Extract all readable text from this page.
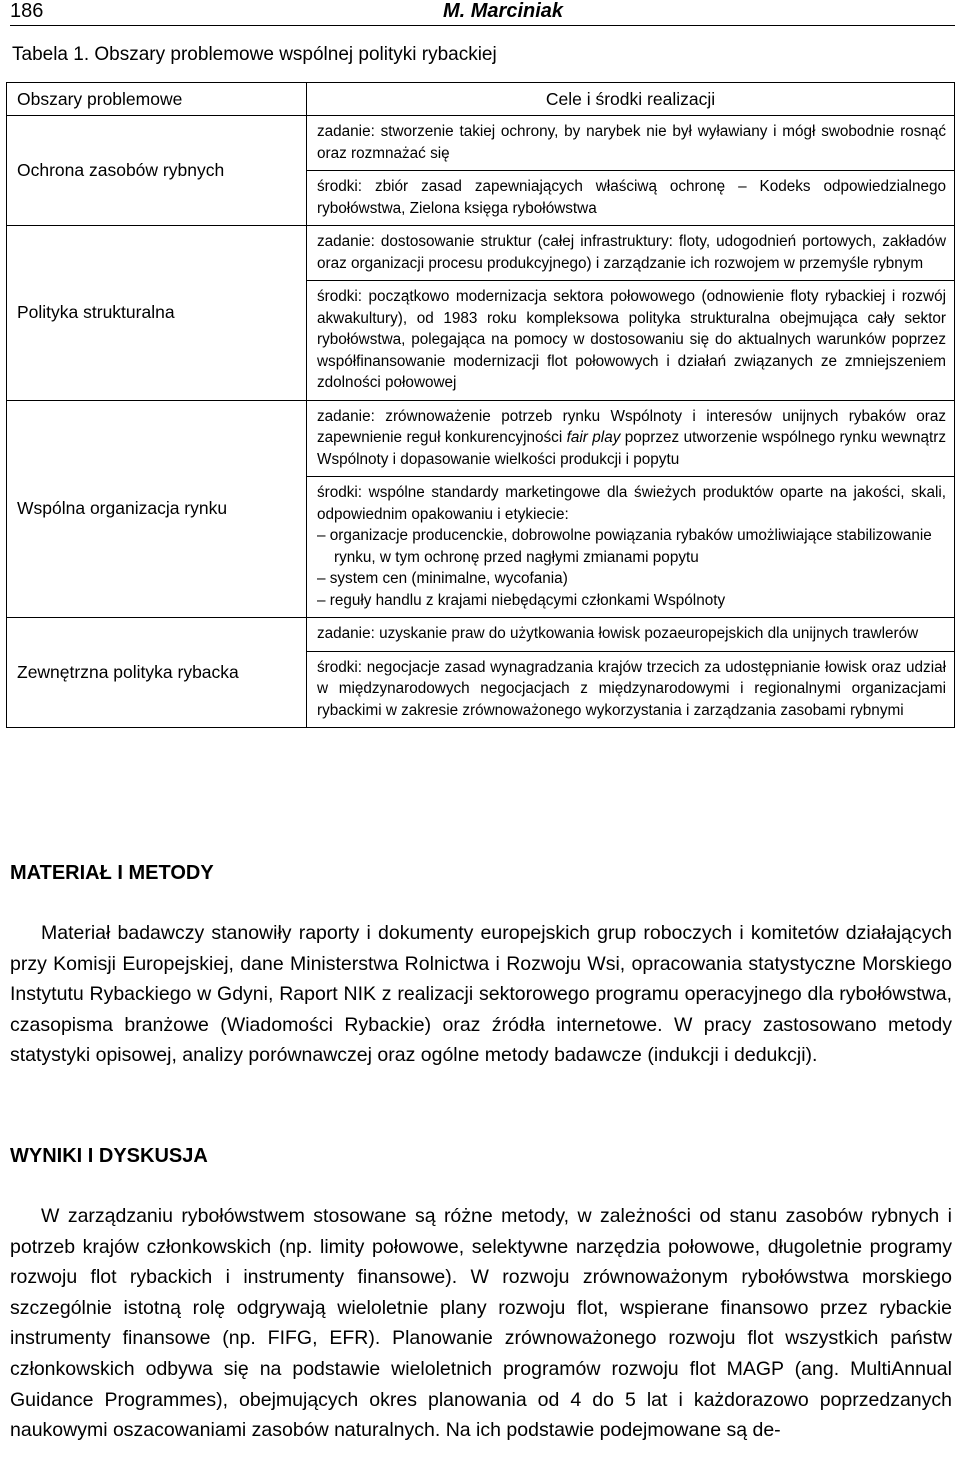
186	M. Marciniak
Tabela 1. Obszary problemowe wspólnej polityki rybackiej
Obszary problemowe	Cele i środki realizacji
Ochrona zasobów rybnych	zadanie: stworzenie takiej ochrony, by narybek nie był wyławiany i mógł swobodnie rosnąć oraz rozmnażać się
środki: zbiór zasad zapewniających właściwą ochronę – Kodeks odpowiedzialnego rybołówstwa, Zielona księga rybołówstwa

Polityka strukturalna	zadanie: dostosowanie struktur (całej infrastruktury: floty, udogodnień portowych, zakładów oraz organizacji procesu produkcyjnego) i zarządzanie ich rozwojem w przemyśle rybnym
środki: początkowo modernizacja sektora połowowego (odnowienie floty rybackiej i rozwój akwakultury), od 1983 roku kompleksowa polityka strukturalna obejmująca cały sektor rybołówstwa, polegająca na pomocy w dostosowaniu się do aktualnych warunków poprzez współfinansowanie modernizacji flot połowowych i działań związanych ze zmniejszeniem zdolności połowowej

Wspólna organizacja rynku	zadanie: zrównoważenie potrzeb rynku Wspólnoty i interesów unijnych rybaków oraz zapewnienie reguł konkurencyjności fair play poprzez utworzenie wspólnego rynku wewnątrz Wspólnoty i dopasowanie wielkości produkcji i popytu
środki: wspólne standardy marketingowe dla świeżych produktów oparte na jakości, skali, odpowiednim opakowaniu i etykiecie:
– organizacje producenckie, dobrowolne powiązania rybaków umożliwiające stabilizowanie rynku, w tym ochronę przed nagłymi zmianami popytu
– system cen (minimalne, wycofania)
– reguły handlu z krajami niebędącymi członkami Wspólnoty

Zewnętrzna polityka rybacka	zadanie: uzyskanie praw do użytkowania łowisk pozaeuropejskich dla unijnych trawlerów
środki: negocjacje zasad wynagradzania krajów trzecich za udostępnianie łowisk oraz udział w międzynarodowych negocjacjach z międzynarodowymi i regionalnymi organizacjami rybackimi w zakresie zrównoważonego wykorzystania i zarządzania zasobami rybnymi
MATERIAŁ I METODY

Materiał badawczy stanowiły raporty i dokumenty europejskich grup roboczych i komitetów działających przy Komisji Europejskiej, dane Ministerstwa Rolnictwa i Rozwoju Wsi, opracowania statystyczne Morskiego Instytutu Rybackiego w Gdyni, Raport NIK z realizacji sektorowego programu operacyjnego dla rybołówstwa, czasopisma branżowe (Wiadomości Rybackie) oraz źródła internetowe. W pracy zastosowano metody statystyki opisowej, analizy porównawczej oraz ogólne metody badawcze (indukcji i dedukcji).

WYNIKI I DYSKUSJA

W zarządzaniu rybołówstwem stosowane są różne metody, w zależności od stanu zasobów rybnych i potrzeb krajów członkowskich (np. limity połowowe, selektywne narzędzia połowowe, długoletnie programy rozwoju flot rybackich i instrumenty finansowe). W rozwoju zrównoważonym rybołówstwa morskiego szczególnie istotną rolę odgrywają wieloletnie plany rozwoju flot, wspierane finansowo przez rybackie instrumenty finansowe (np. FIFG, EFR). Planowanie zrównoważonego rozwoju flot wszystkich państw członkowskich odbywa się na podstawie wieloletnich programów rozwoju flot MAGP (ang. MultiAnnual Guidance Programmes), obejmujących okres planowania od 4 do 5 lat i każdorazowo poprzedzanych naukowymi oszacowaniami zasobów naturalnych. Na ich podstawie podejmowane są de-
